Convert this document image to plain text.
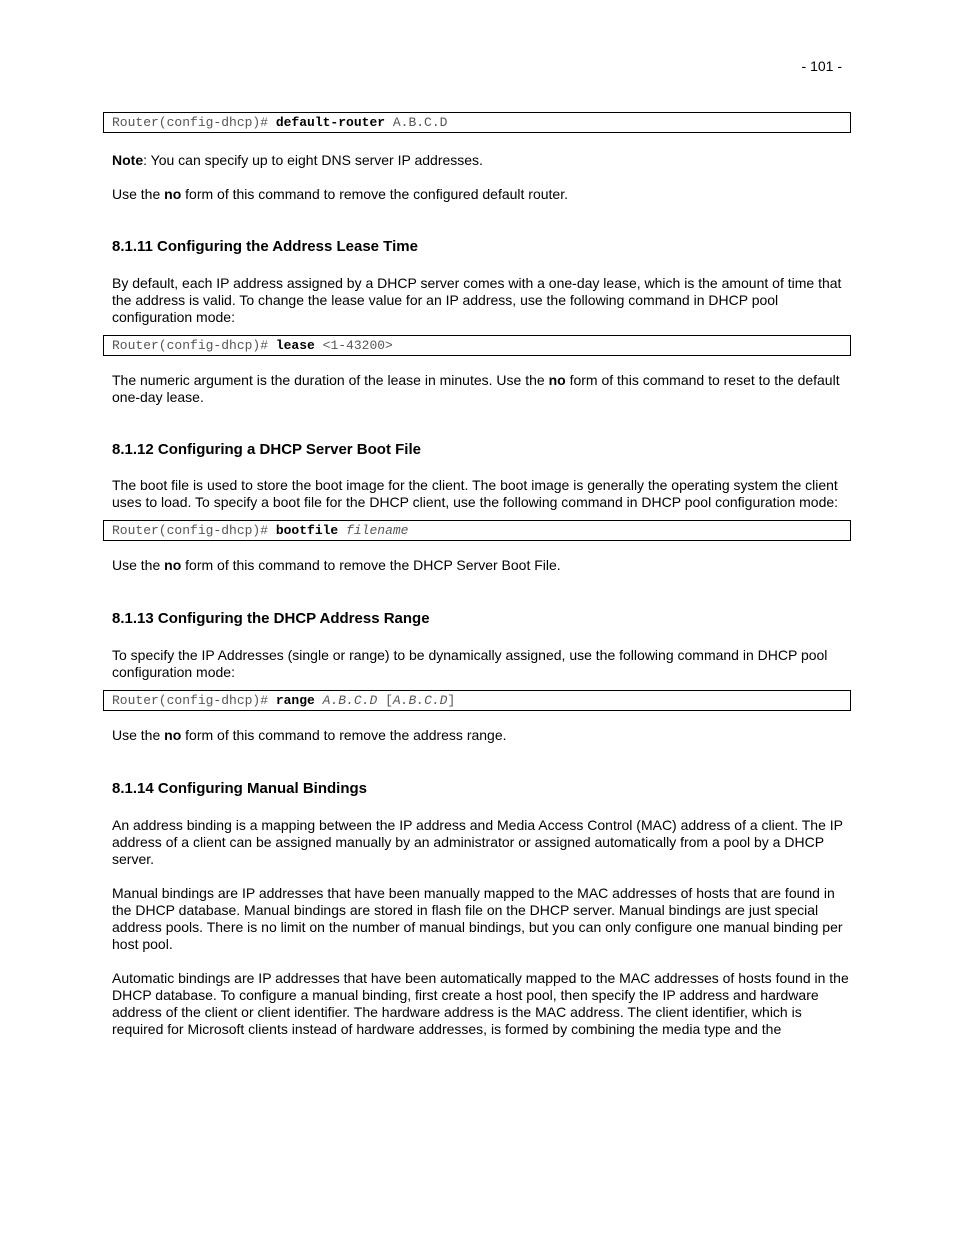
- 101 -
Router(config-dhcp)# default-router A.B.C.D

Note: You can specify up to eight DNS server IP addresses.

Use the no form of this command to remove the configured default router.

8.1.11 Configuring the Address Lease Time

By default, each IP address assigned by a DHCP server comes with a one-day lease, which is the amount of time that the address is valid. To change the lease value for an IP address, use the following command in DHCP pool configuration mode:

Router(config-dhcp)# lease <1-43200>

The numeric argument is the duration of the lease in minutes. Use the no form of this command to reset to the default one-day lease.

8.1.12 Configuring a DHCP Server Boot File

The boot file is used to store the boot image for the client. The boot image is generally the operating system the client uses to load. To specify a boot file for the DHCP client, use the following command in DHCP pool configuration mode:

Router(config-dhcp)# bootfile filename

Use the no form of this command to remove the DHCP Server Boot File.

8.1.13 Configuring the DHCP Address Range

To specify the IP Addresses (single or range) to be dynamically assigned, use the following command in DHCP pool configuration mode:

Router(config-dhcp)# range A.B.C.D [A.B.C.D]

Use the no form of this command to remove the address range.

8.1.14 Configuring Manual Bindings

An address binding is a mapping between the IP address and Media Access Control (MAC) address of a client. The IP address of a client can be assigned manually by an administrator or assigned automatically from a pool by a DHCP server.

Manual bindings are IP addresses that have been manually mapped to the MAC addresses of hosts that are found in the DHCP database. Manual bindings are stored in flash file on the DHCP server. Manual bindings are just special address pools. There is no limit on the number of manual bindings, but you can only configure one manual binding per host pool.

Automatic bindings are IP addresses that have been automatically mapped to the MAC addresses of hosts found in the DHCP database. To configure a manual binding, first create a host pool, then specify the IP address and hardware address of the client or client identifier. The hardware address is the MAC address. The client identifier, which is required for Microsoft clients instead of hardware addresses, is formed by combining the media type and the
